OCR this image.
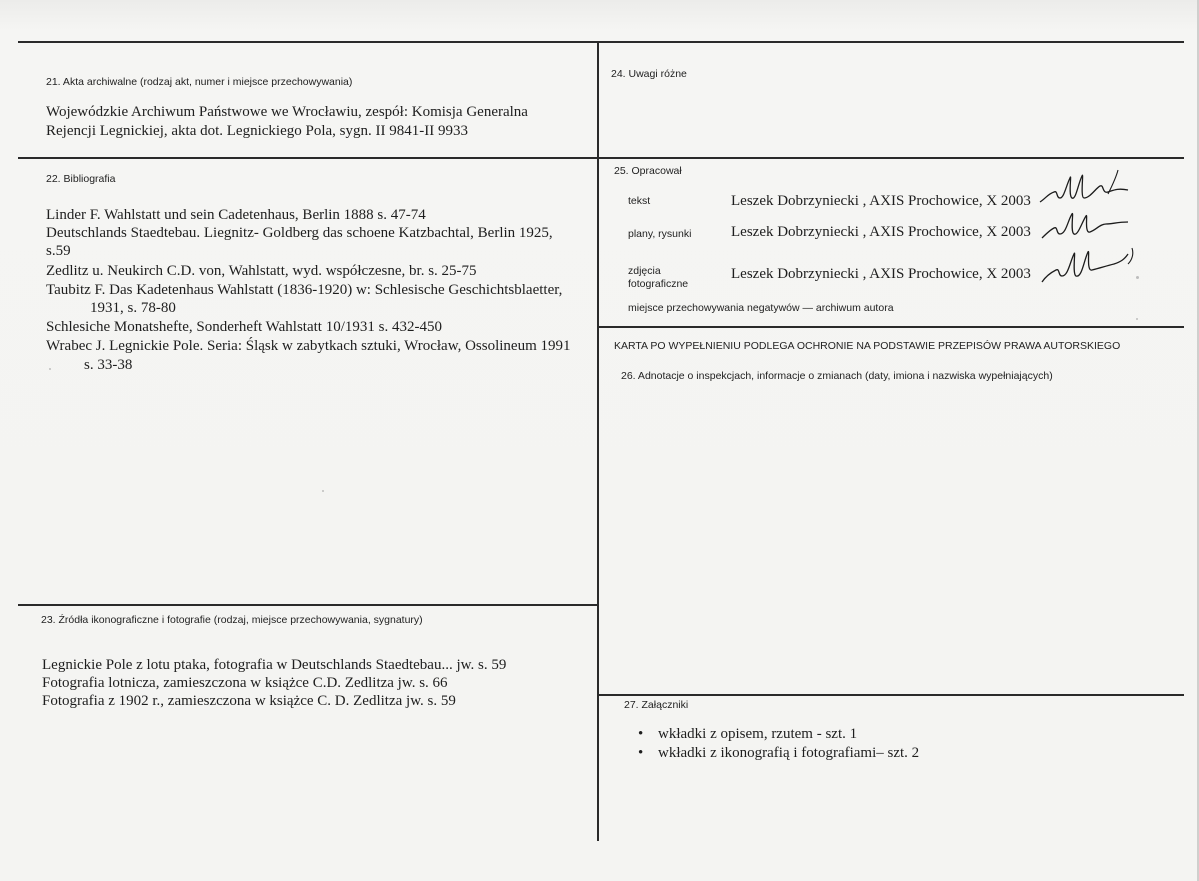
21. Akta archiwalne (rodzaj akt, numer i miejsce przechowywania)
Wojewódzkie Archiwum Państwowe we Wrocławiu, zespół: Komisja Generalna
Rejencji Legnickiej, akta dot. Legnickiego Pola, sygn. II 9841-II 9933
22. Bibliografia
Linder F. Wahlstatt und sein Cadetenhaus, Berlin 1888 s. 47-74
Deutschlands Staedtebau. Liegnitz- Goldberg das schoene Katzbachtal, Berlin 1925,
s.59
Zedlitz u. Neukirch C.D. von, Wahlstatt, wyd. współczesne, br. s. 25-75
Taubitz F. Das Kadetenhaus Wahlstatt (1836-1920) w: Schlesische Geschichtsblaetter,
1931, s. 78-80
Schlesiche Monatshefte, Sonderheft Wahlstatt 10/1931 s. 432-450
Wrabec J. Legnickie Pole. Seria: Śląsk w zabytkach sztuki, Wrocław, Ossolineum 1991
s. 33-38
23. Źródła ikonograficzne i fotografie (rodzaj, miejsce przechowywania, sygnatury)
Legnickie Pole z lotu ptaka, fotografia w Deutschlands Staedtebau... jw. s. 59
Fotografia lotnicza, zamieszczona w książce C.D. Zedlitza jw. s. 66
Fotografia z 1902 r., zamieszczona w książce C. D. Zedlitza jw. s. 59
24. Uwagi różne
25. Opracował
tekst	Leszek Dobrzyniecki , AXIS Prochowice, X 2003
plany, rysunki	Leszek Dobrzyniecki , AXIS Prochowice, X 2003
zdjęcia
fotograficzne
Leszek Dobrzyniecki , AXIS Prochowice, X 2003
miejsce przechowywania negatywów — archiwum autora
KARTA PO WYPEŁNIENIU PODLEGA OCHRONIE NA PODSTAWIE PRZEPISÓW PRAWA AUTORSKIEGO
26. Adnotacje o inspekcjach, informacje o zmianach (daty, imiona i nazwiska wypełniających)
27. Załączniki
• wkładki z opisem, rzutem - szt. 1
• wkładki z ikonografią i fotografiami– szt. 2
